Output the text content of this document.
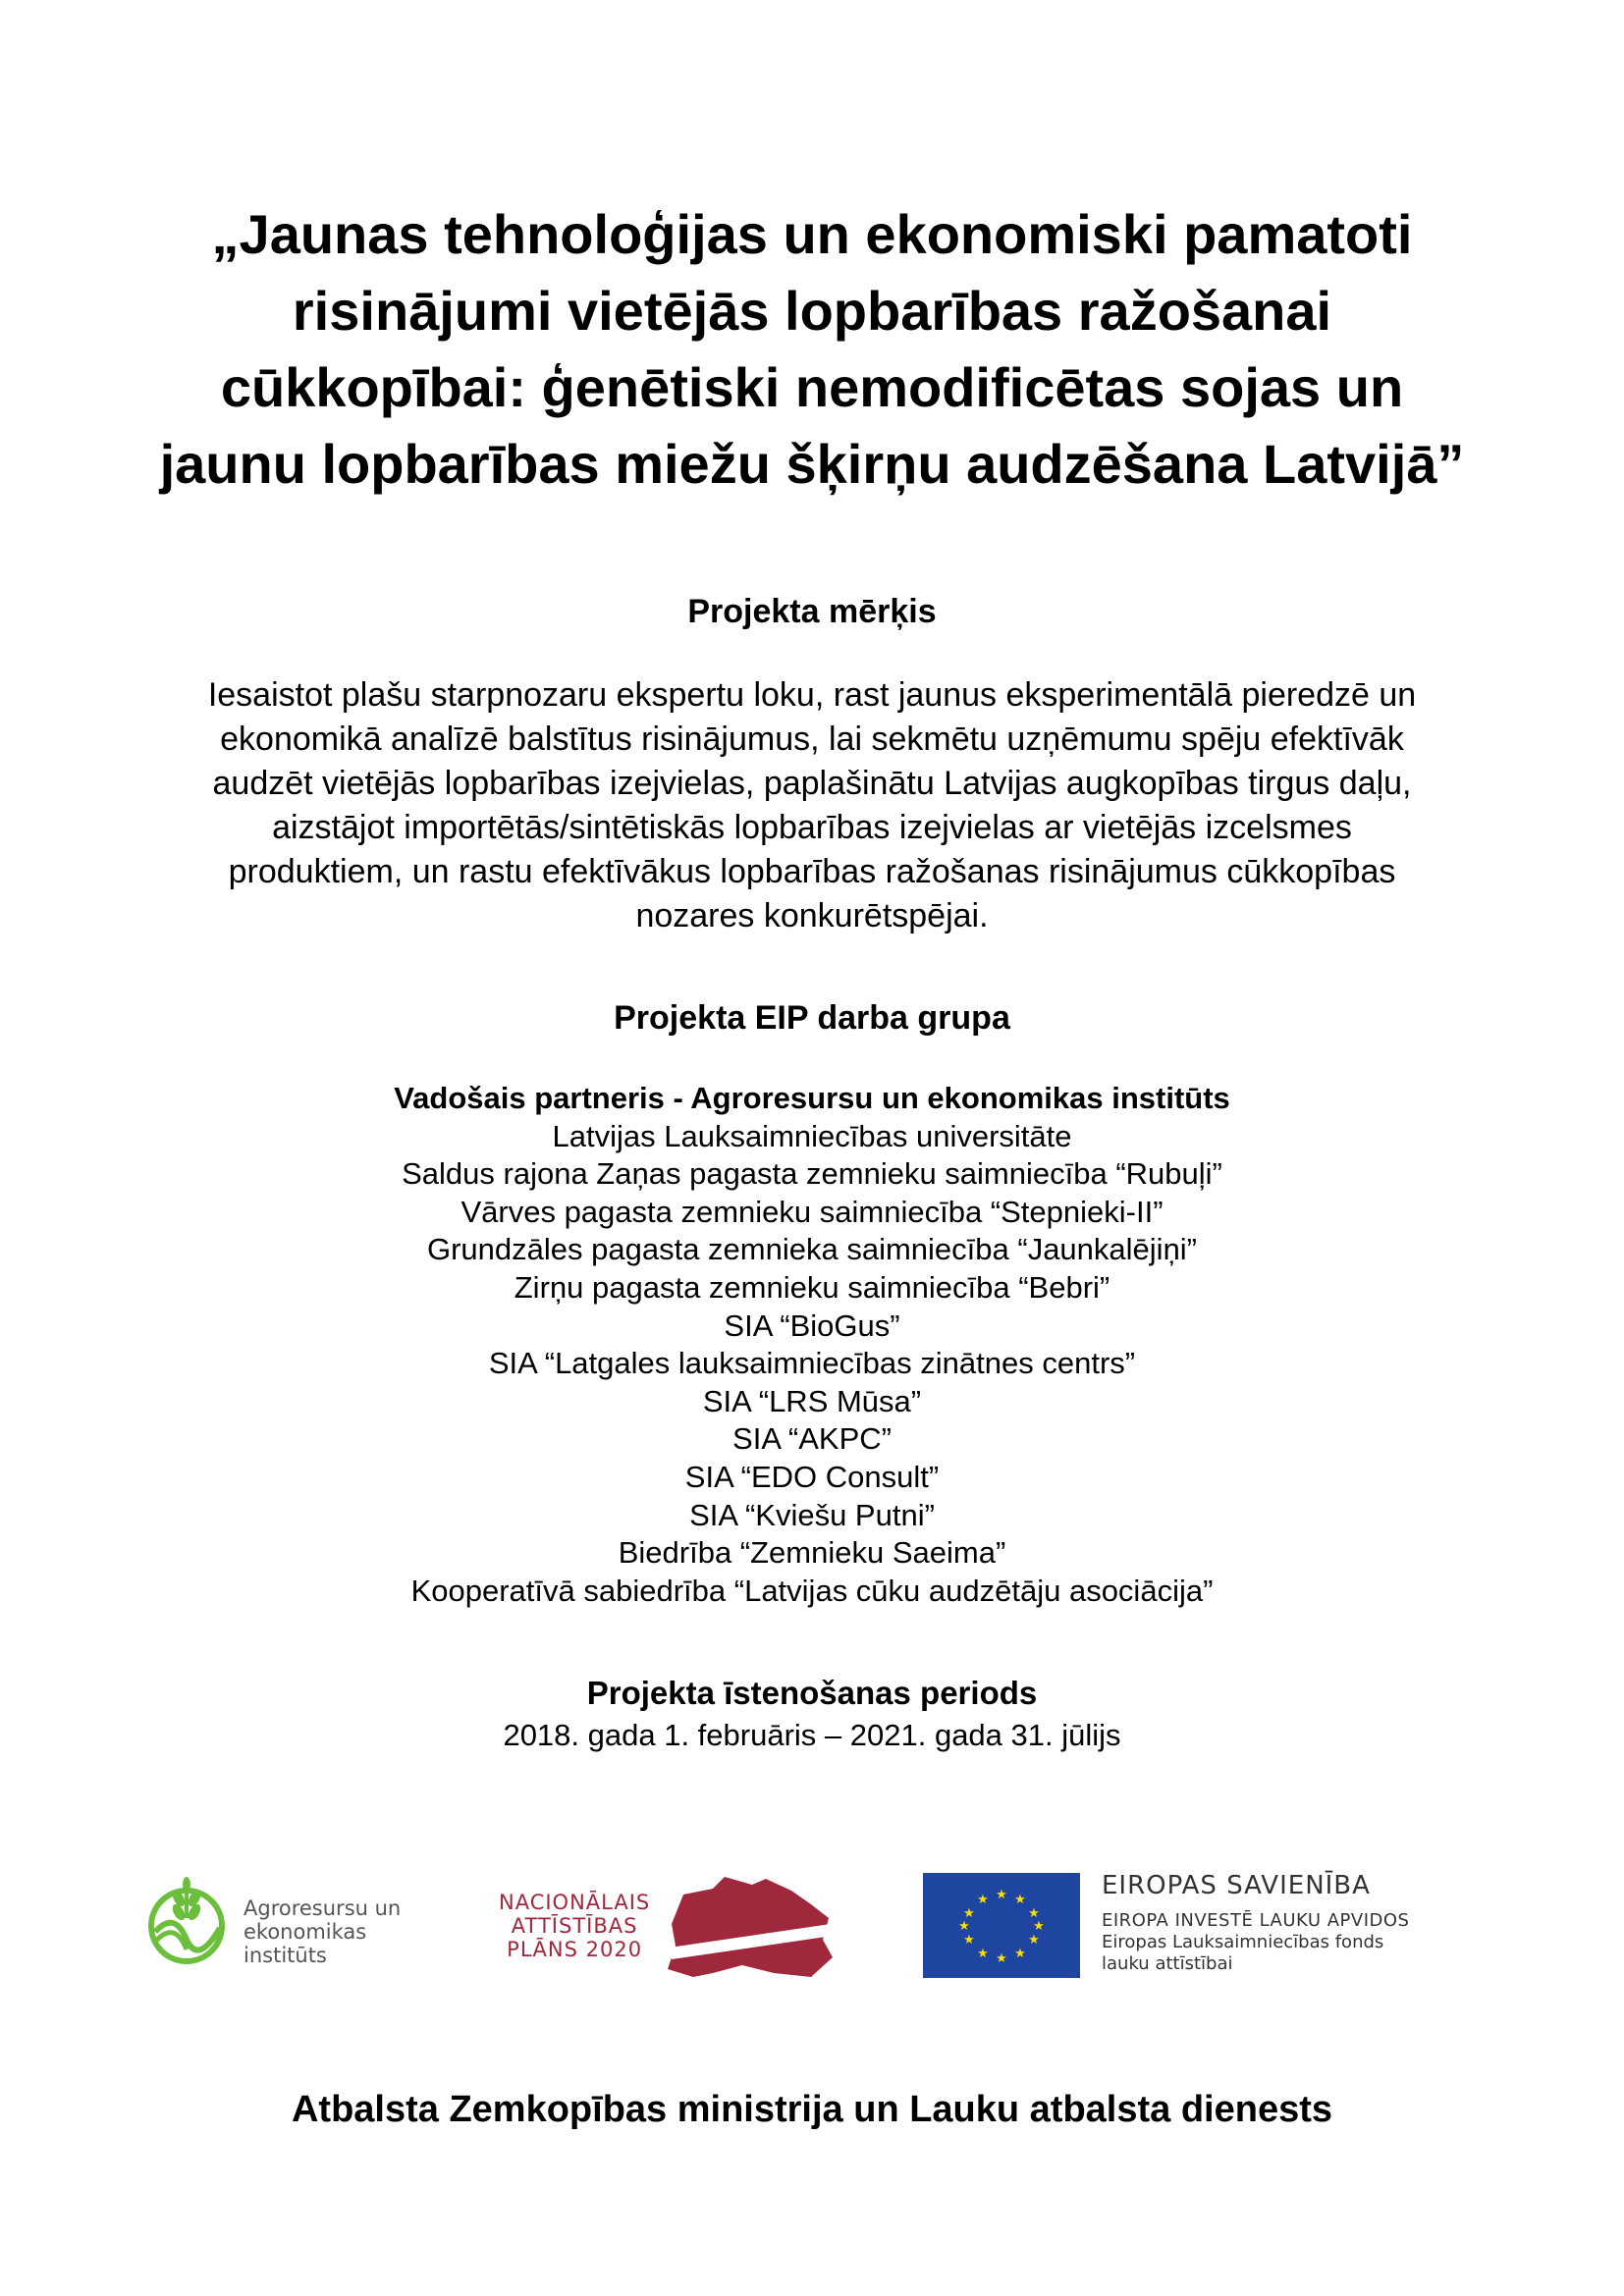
„Jaunas tehnoloģijas un ekonomiski pamatoti
risinājumi vietējās lopbarības ražošanai
cūkkopībai: ģenētiski nemodificētas sojas un
jaunu lopbarības miežu šķirņu audzēšana Latvijā”
Projekta mērķis
Iesaistot plašu starpnozaru ekspertu loku, rast jaunus eksperimentālā pieredzē un
ekonomikā analīzē balstītus risinājumus, lai sekmētu uzņēmumu spēju efektīvāk
audzēt vietējās lopbarības izejvielas, paplašinātu Latvijas augkopības tirgus daļu,
aizstājot importētās/sintētiskās lopbarības izejvielas ar vietējās izcelsmes
produktiem, un rastu efektīvākus lopbarības ražošanas risinājumus cūkkopības
nozares konkurētspējai.
Projekta EIP darba grupa
Vadošais partneris - Agroresursu un ekonomikas institūts
Latvijas Lauksaimniecības universitāte
Saldus rajona Zaņas pagasta zemnieku saimniecība “Rubuļi”
Vārves pagasta zemnieku saimniecība “Stepnieki-II”
Grundzāles pagasta zemnieka saimniecība “Jaunkalējiņi”
Zirņu pagasta zemnieku saimniecība “Bebri”
SIA “BioGus”
SIA “Latgales lauksaimniecības zinātnes centrs”
SIA “LRS Mūsa”
SIA “AKPC”
SIA “EDO Consult”
SIA “Kviešu Putni”
Biedrība “Zemnieku Saeima”
Kooperatīvā sabiedrība “Latvijas cūku audzētāju asociācija”
Projekta īstenošanas periods
2018. gada 1. februāris – 2021. gada 31. jūlijs
Agroresursu un
ekonomikas
institūts
NACIONĀLAIS
ATTĪSTĪBAS
PLĀNS 2020
★ ★
★
★
★
★
★
★
★
★
★
★	EIROPAS SAVIENĪBA
EIROPA INVESTĒ LAUKU APVIDOS
Eiropas Lauksaimniecības fonds
lauku attīstībai
Atbalsta Zemkopības ministrija un Lauku atbalsta dienests
